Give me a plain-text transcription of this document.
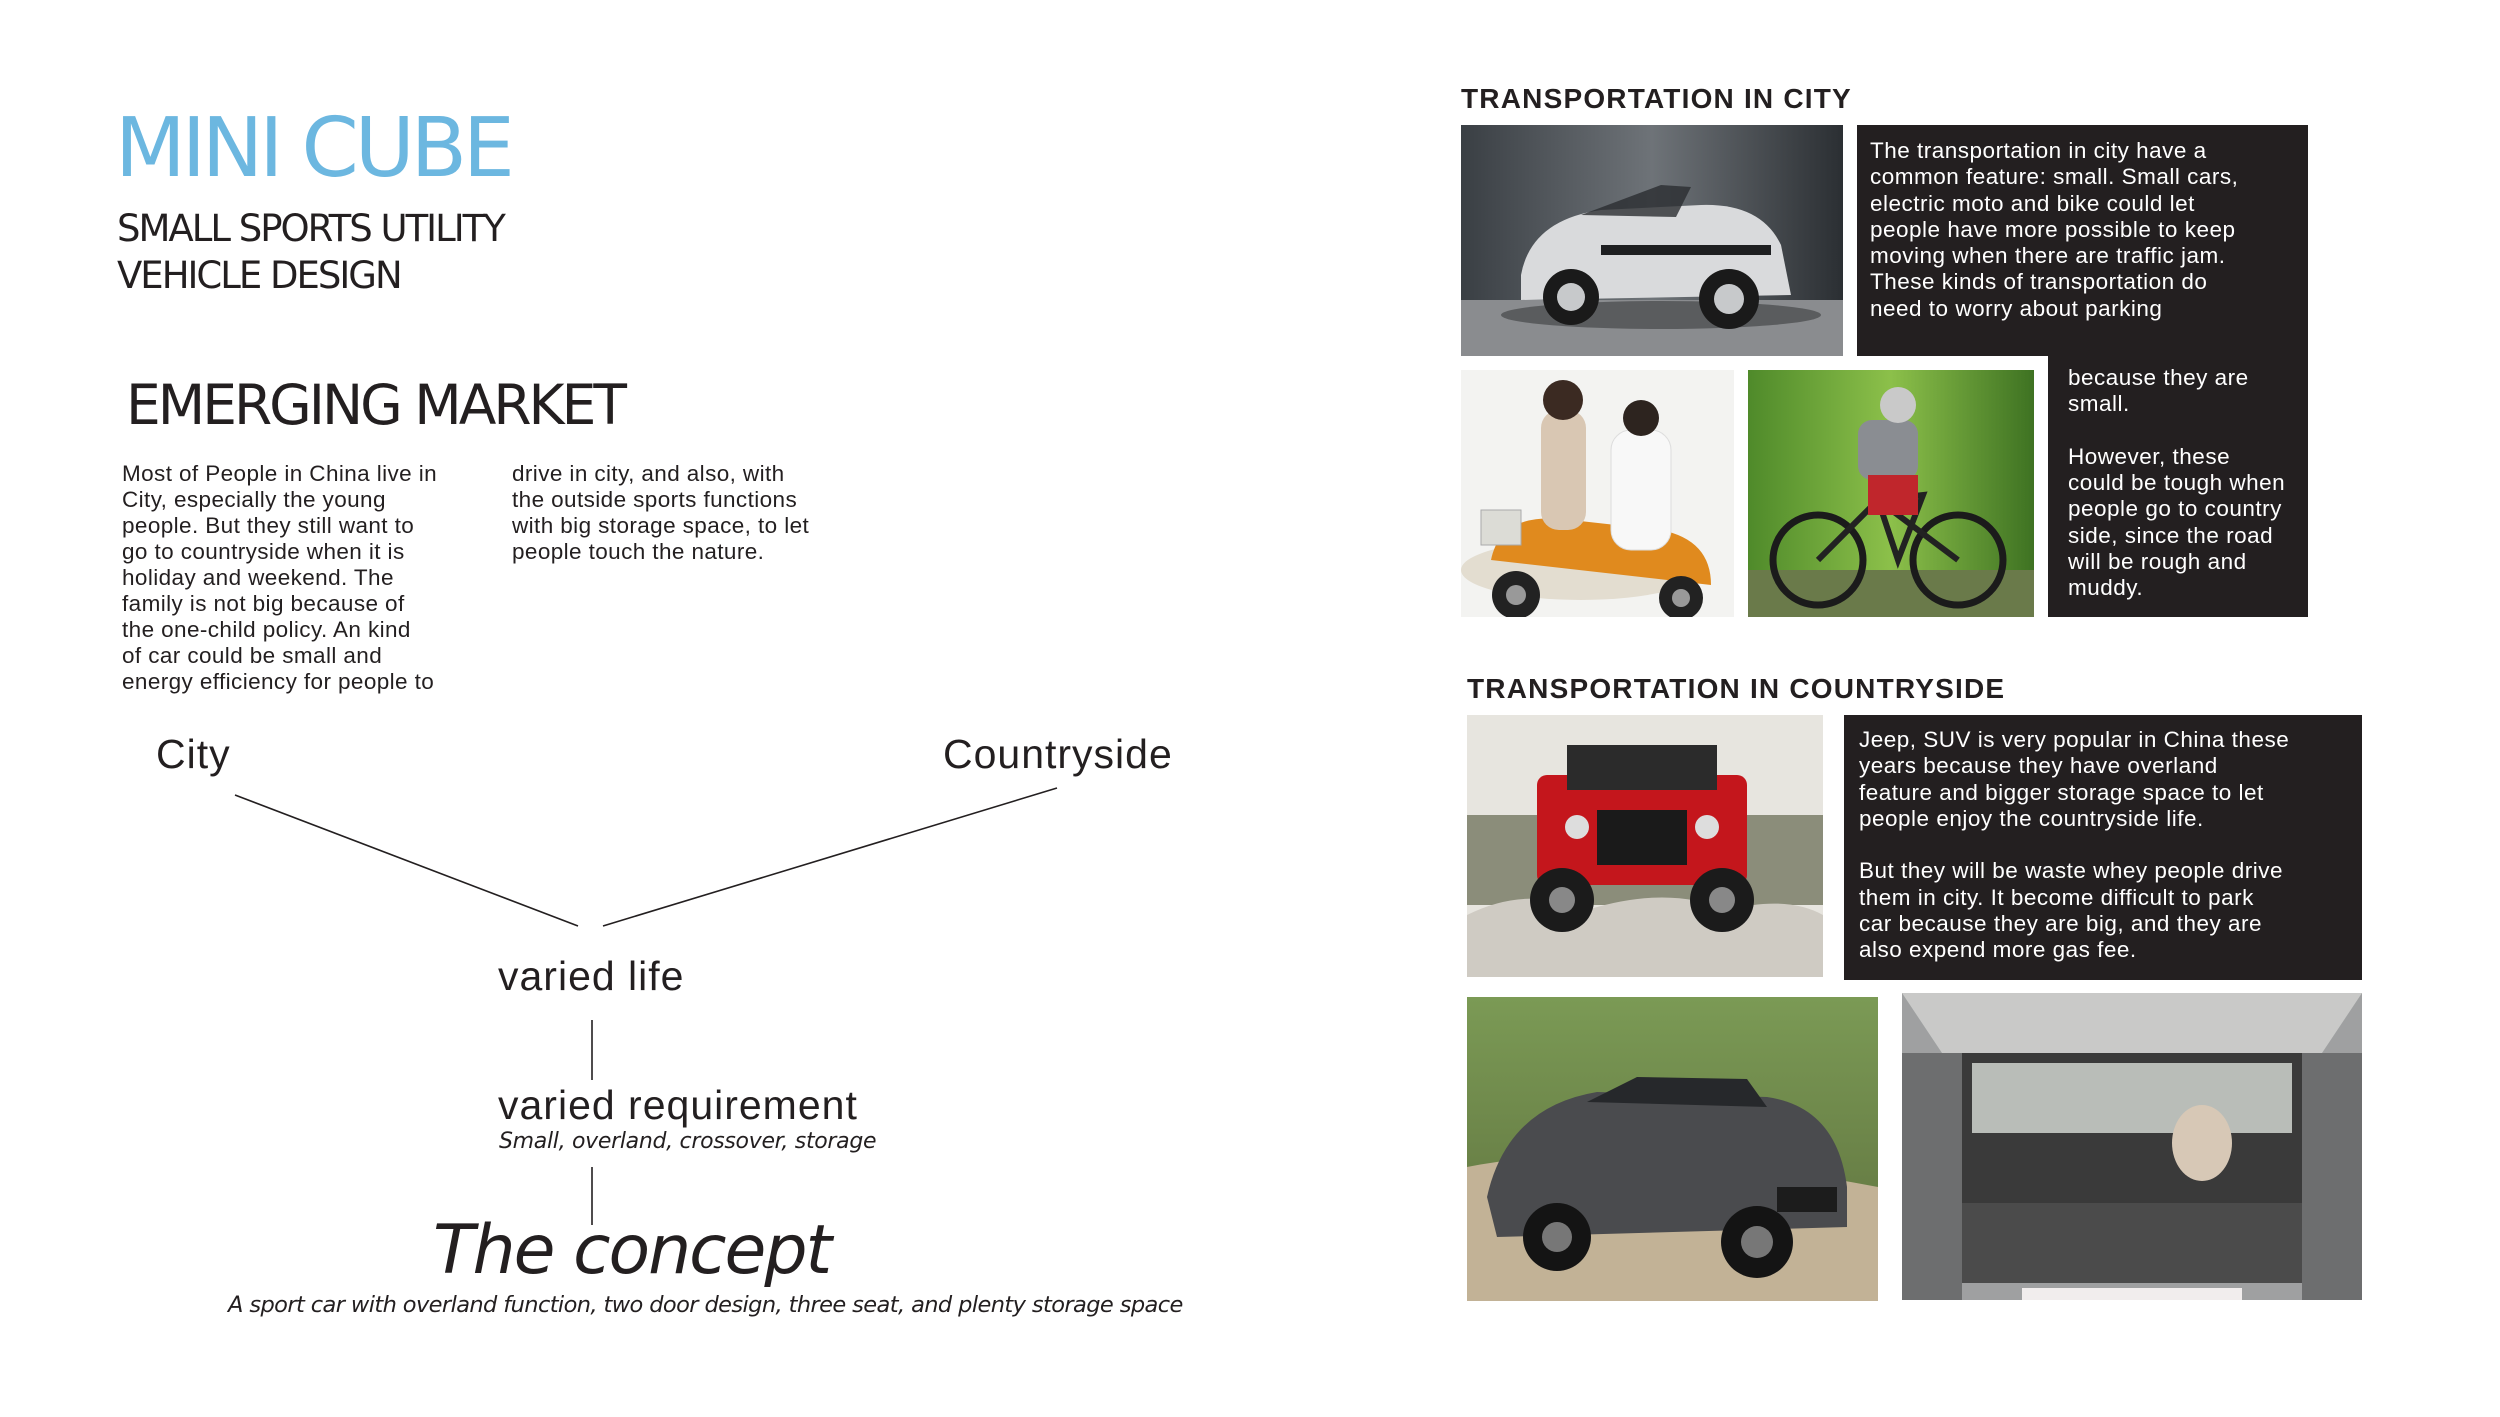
MINI CUBE
SMALL SPORTS UTILITY
VEHICLE DESIGN
EMERGING MARKET
Most of People in China live in
City, especially the young
people. But they still want to
go to countryside when it is
holiday and weekend. The
family is not big because of
the one-child policy. An kind
of car could be small and
energy efficiency for people to
drive in city, and also, with
the outside sports functions
with big storage space, to let
people touch the nature.
City	Countryside
varied life
varied requirement
Small, overland, crossover, storage
The concept
A sport car with overland function, two door design, three seat, and plenty storage space
TRANSPORTATION IN CITY
The transportation in city have a
common feature: small. Small cars,
electric moto and bike could let
people have more possible to keep
moving when there are traffic jam.
These kinds of transportation do
need to worry about parking
because they are
small.

However, these
could be tough when
people go to country
side, since the road
will be rough and
muddy.
TRANSPORTATION IN COUNTRYSIDE
Jeep, SUV is very popular in China these
years because they have overland
feature and bigger storage space to let
people enjoy the countryside life.

But they will be waste whey people drive
them in city. It become difficult to park
car because they are big, and they are
also expend more gas fee.
